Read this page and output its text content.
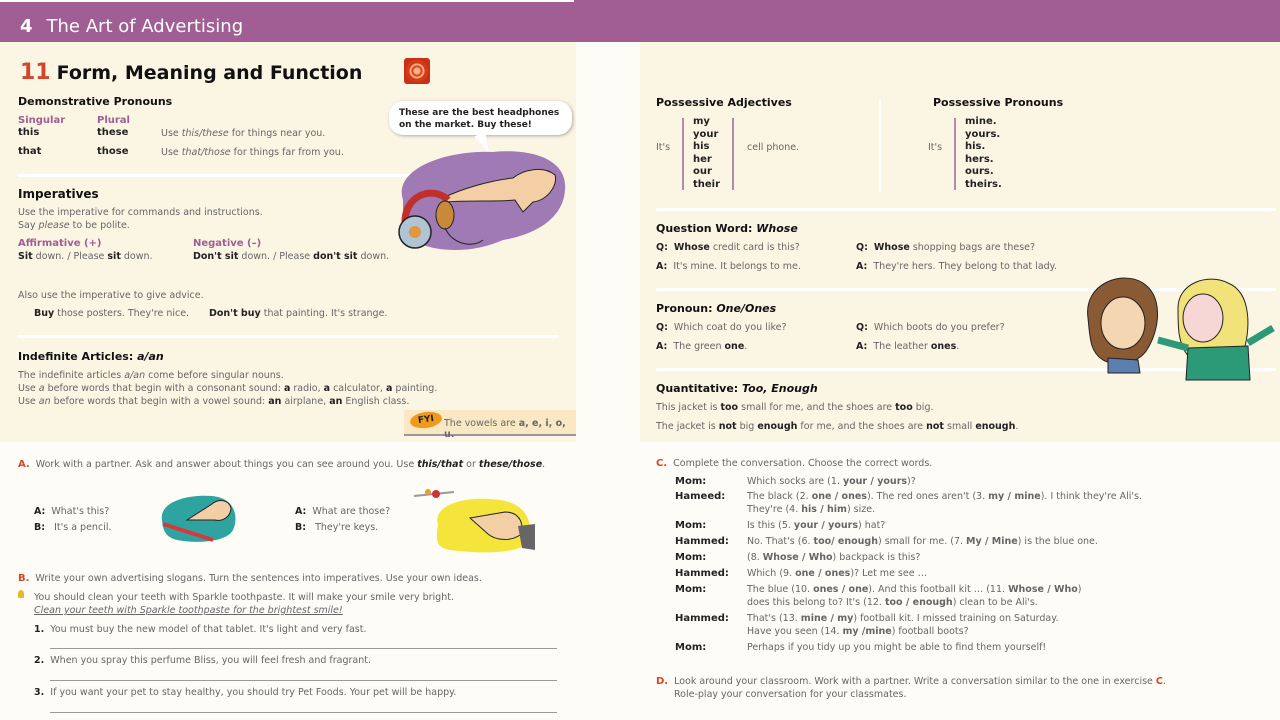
4 The Art of Advertising
11 Form, Meaning and Function
Demonstrative Pronouns
Singular	Plural
this	these	Use this/these for things near you.
that	those	Use that/those for things far from you.
These are the best headphones on the market. Buy these!
Imperatives
Use the imperative for commands and instructions.
Say please to be polite.
Affirmative (+)	Negative (–)
Sit down. / Please sit down.	Don't sit down. / Please don't sit down.
Also use the imperative to give advice.
Buy those posters. They're nice. Don't buy that painting. It's strange.
Indefinite Articles: a/an
The indefinite articles a/an come before singular nouns.
Use a before words that begin with a consonant sound: a radio, a calculator, a painting.
Use an before words that begin with a vowel sound: an airplane, an English class.
FYI The vowels are a, e, i, o, u.
A. Work with a partner. Ask and answer about things you can see around you. Use this/that or these/those.
A: What's this?
B: It's a pencil.
A: What are those?
B: They're keys.
B. Write your own advertising slogans. Turn the sentences into imperatives. Use your own ideas.
You should clean your teeth with Sparkle toothpaste. It will make your smile very bright.
Clean your teeth with Sparkle toothpaste for the brightest smile!
1. You must buy the new model of that tablet. It's light and very fast.
2. When you spray this perfume Bliss, you will feel fresh and fragrant.
3. If you want your pet to stay healthy, you should try Pet Foods. Your pet will be happy.
Possessive Adjectives
It's
my
your
his
her
our
their
cell phone.
Possessive Pronouns
It's
mine.
yours.
his.
hers.
ours.
theirs.
Question Word: Whose
Q: Whose credit card is this?
A: It's mine. It belongs to me.
Q: Whose shopping bags are these?
A: They're hers. They belong to that lady.
Pronoun: One/Ones
Q: Which coat do you like?
A: The green one.
Q: Which boots do you prefer?
A: The leather ones.
Quantitative: Too, Enough
This jacket is too small for me, and the shoes are too big.
The jacket is not big enough for me, and the shoes are not small enough.
C. Complete the conversation. Choose the correct words.
Mom:	Which socks are (1. your / yours)?
Hameed: The black (2. one / ones). The red ones aren't (3. my / mine). I think they're Ali's.
They're (4. his / him) size.
Mom:	Is this (5. your / yours) hat?
Hammed: No. That's (6. too/ enough) small for me. (7. My / Mine) is the blue one.
Mom:	(8. Whose / Who) backpack is this?
Hammed: Which (9. one / ones)? Let me see …
Mom:	The blue (10. ones / one). And this football kit … (11. Whose / Who)
does this belong to? It's (12. too / enough) clean to be Ali's.
Hammed: That's (13. mine / my) football kit. I missed training on Saturday.
Have you seen (14. my /mine) football boots?
Mom:	Perhaps if you tidy up you might be able to find them yourself!
D. Look around your classroom. Work with a partner. Write a conversation similar to the one in exercise C.
Role-play your conversation for your classmates.
